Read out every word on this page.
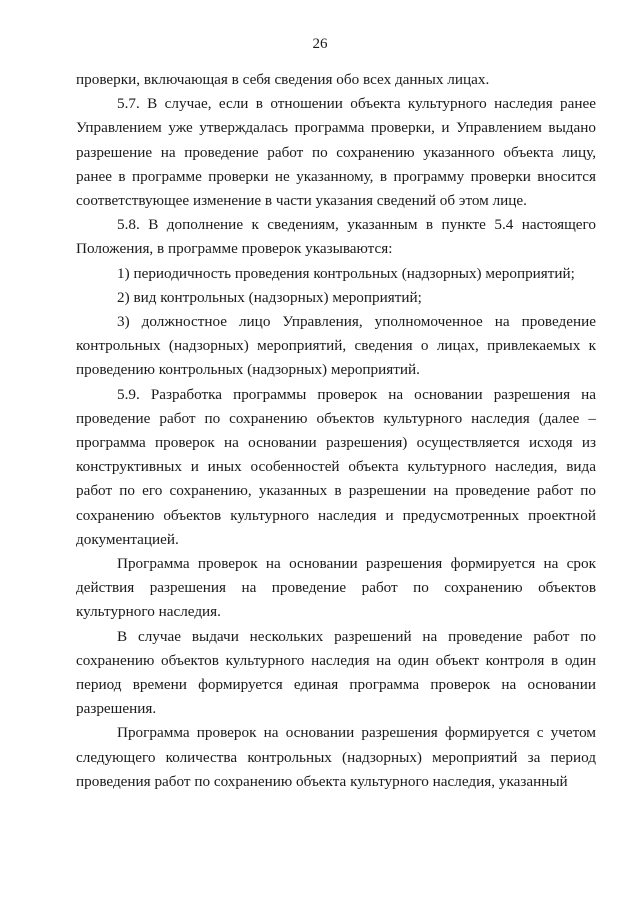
26

проверки, включающая в себя сведения обо всех данных лицах.

5.7. В случае, если в отношении объекта культурного наследия ранее Управлением уже утверждалась программа проверки, и Управлением выдано разрешение на проведение работ по сохранению указанного объекта лицу, ранее в программе проверки не указанному, в программу проверки вносится соответствующее изменение в части указания сведений об этом лице.

5.8. В дополнение к сведениям, указанным в пункте 5.4 настоящего Положения, в программе проверок указываются:

1) периодичность проведения контрольных (надзорных) мероприятий;

2) вид контрольных (надзорных) мероприятий;

3) должностное лицо Управления, уполномоченное на проведение контрольных (надзорных) мероприятий, сведения о лицах, привлекаемых к проведению контрольных (надзорных) мероприятий.

5.9. Разработка программы проверок на основании разрешения на проведение работ по сохранению объектов культурного наследия (далее – программа проверок на основании разрешения) осуществляется исходя из конструктивных и иных особенностей объекта культурного наследия, вида работ по его сохранению, указанных в разрешении на проведение работ по сохранению объектов культурного наследия и предусмотренных проектной документацией.

Программа проверок на основании разрешения формируется на срок действия разрешения на проведение работ по сохранению объектов культурного наследия.

В случае выдачи нескольких разрешений на проведение работ по сохранению объектов культурного наследия на один объект контроля в один период времени формируется единая программа проверок на основании разрешения.

Программа проверок на основании разрешения формируется с учетом следующего количества контрольных (надзорных) мероприятий за период проведения работ по сохранению объекта культурного наследия, указанный
